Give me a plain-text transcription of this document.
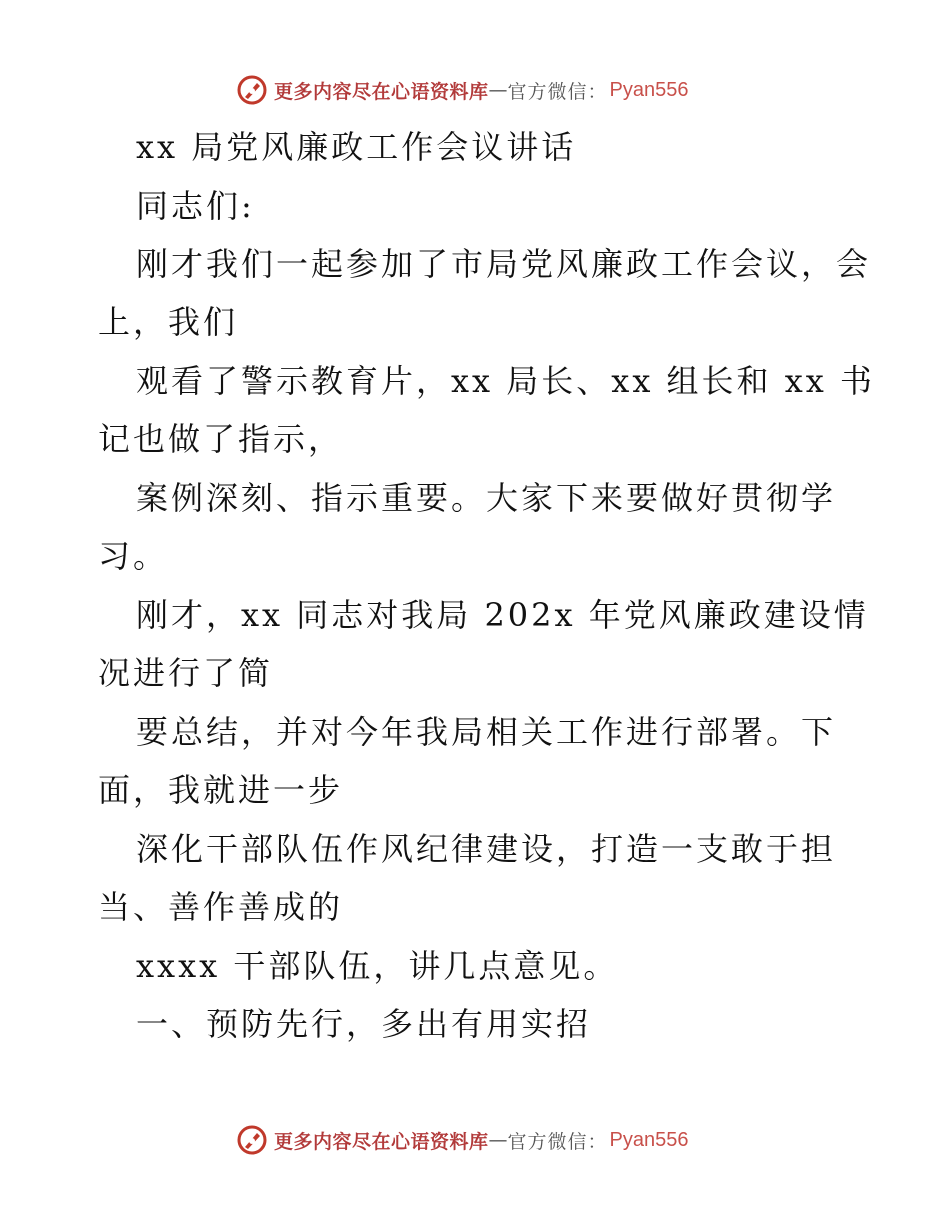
更多内容尽在心语资料库 — 官方微信： Pyan556
xx 局党风廉政工作会议讲话
同志们:
刚才我们一起参加了市局党风廉政工作会议，会
上，我们
观看了警示教育片，xx 局长、xx 组长和 xx 书
记也做了指示，
案例深刻、指示重要。大家下来要做好贯彻学
习。
刚才，xx 同志对我局 202x 年党风廉政建设情
况进行了简
要总结，并对今年我局相关工作进行部署。下
面，我就进一步
深化干部队伍作风纪律建设，打造一支敢于担
当、善作善成的
xxxx 干部队伍，讲几点意见。
一、预防先行，多出有用实招
更多内容尽在心语资料库 — 官方微信： Pyan556
